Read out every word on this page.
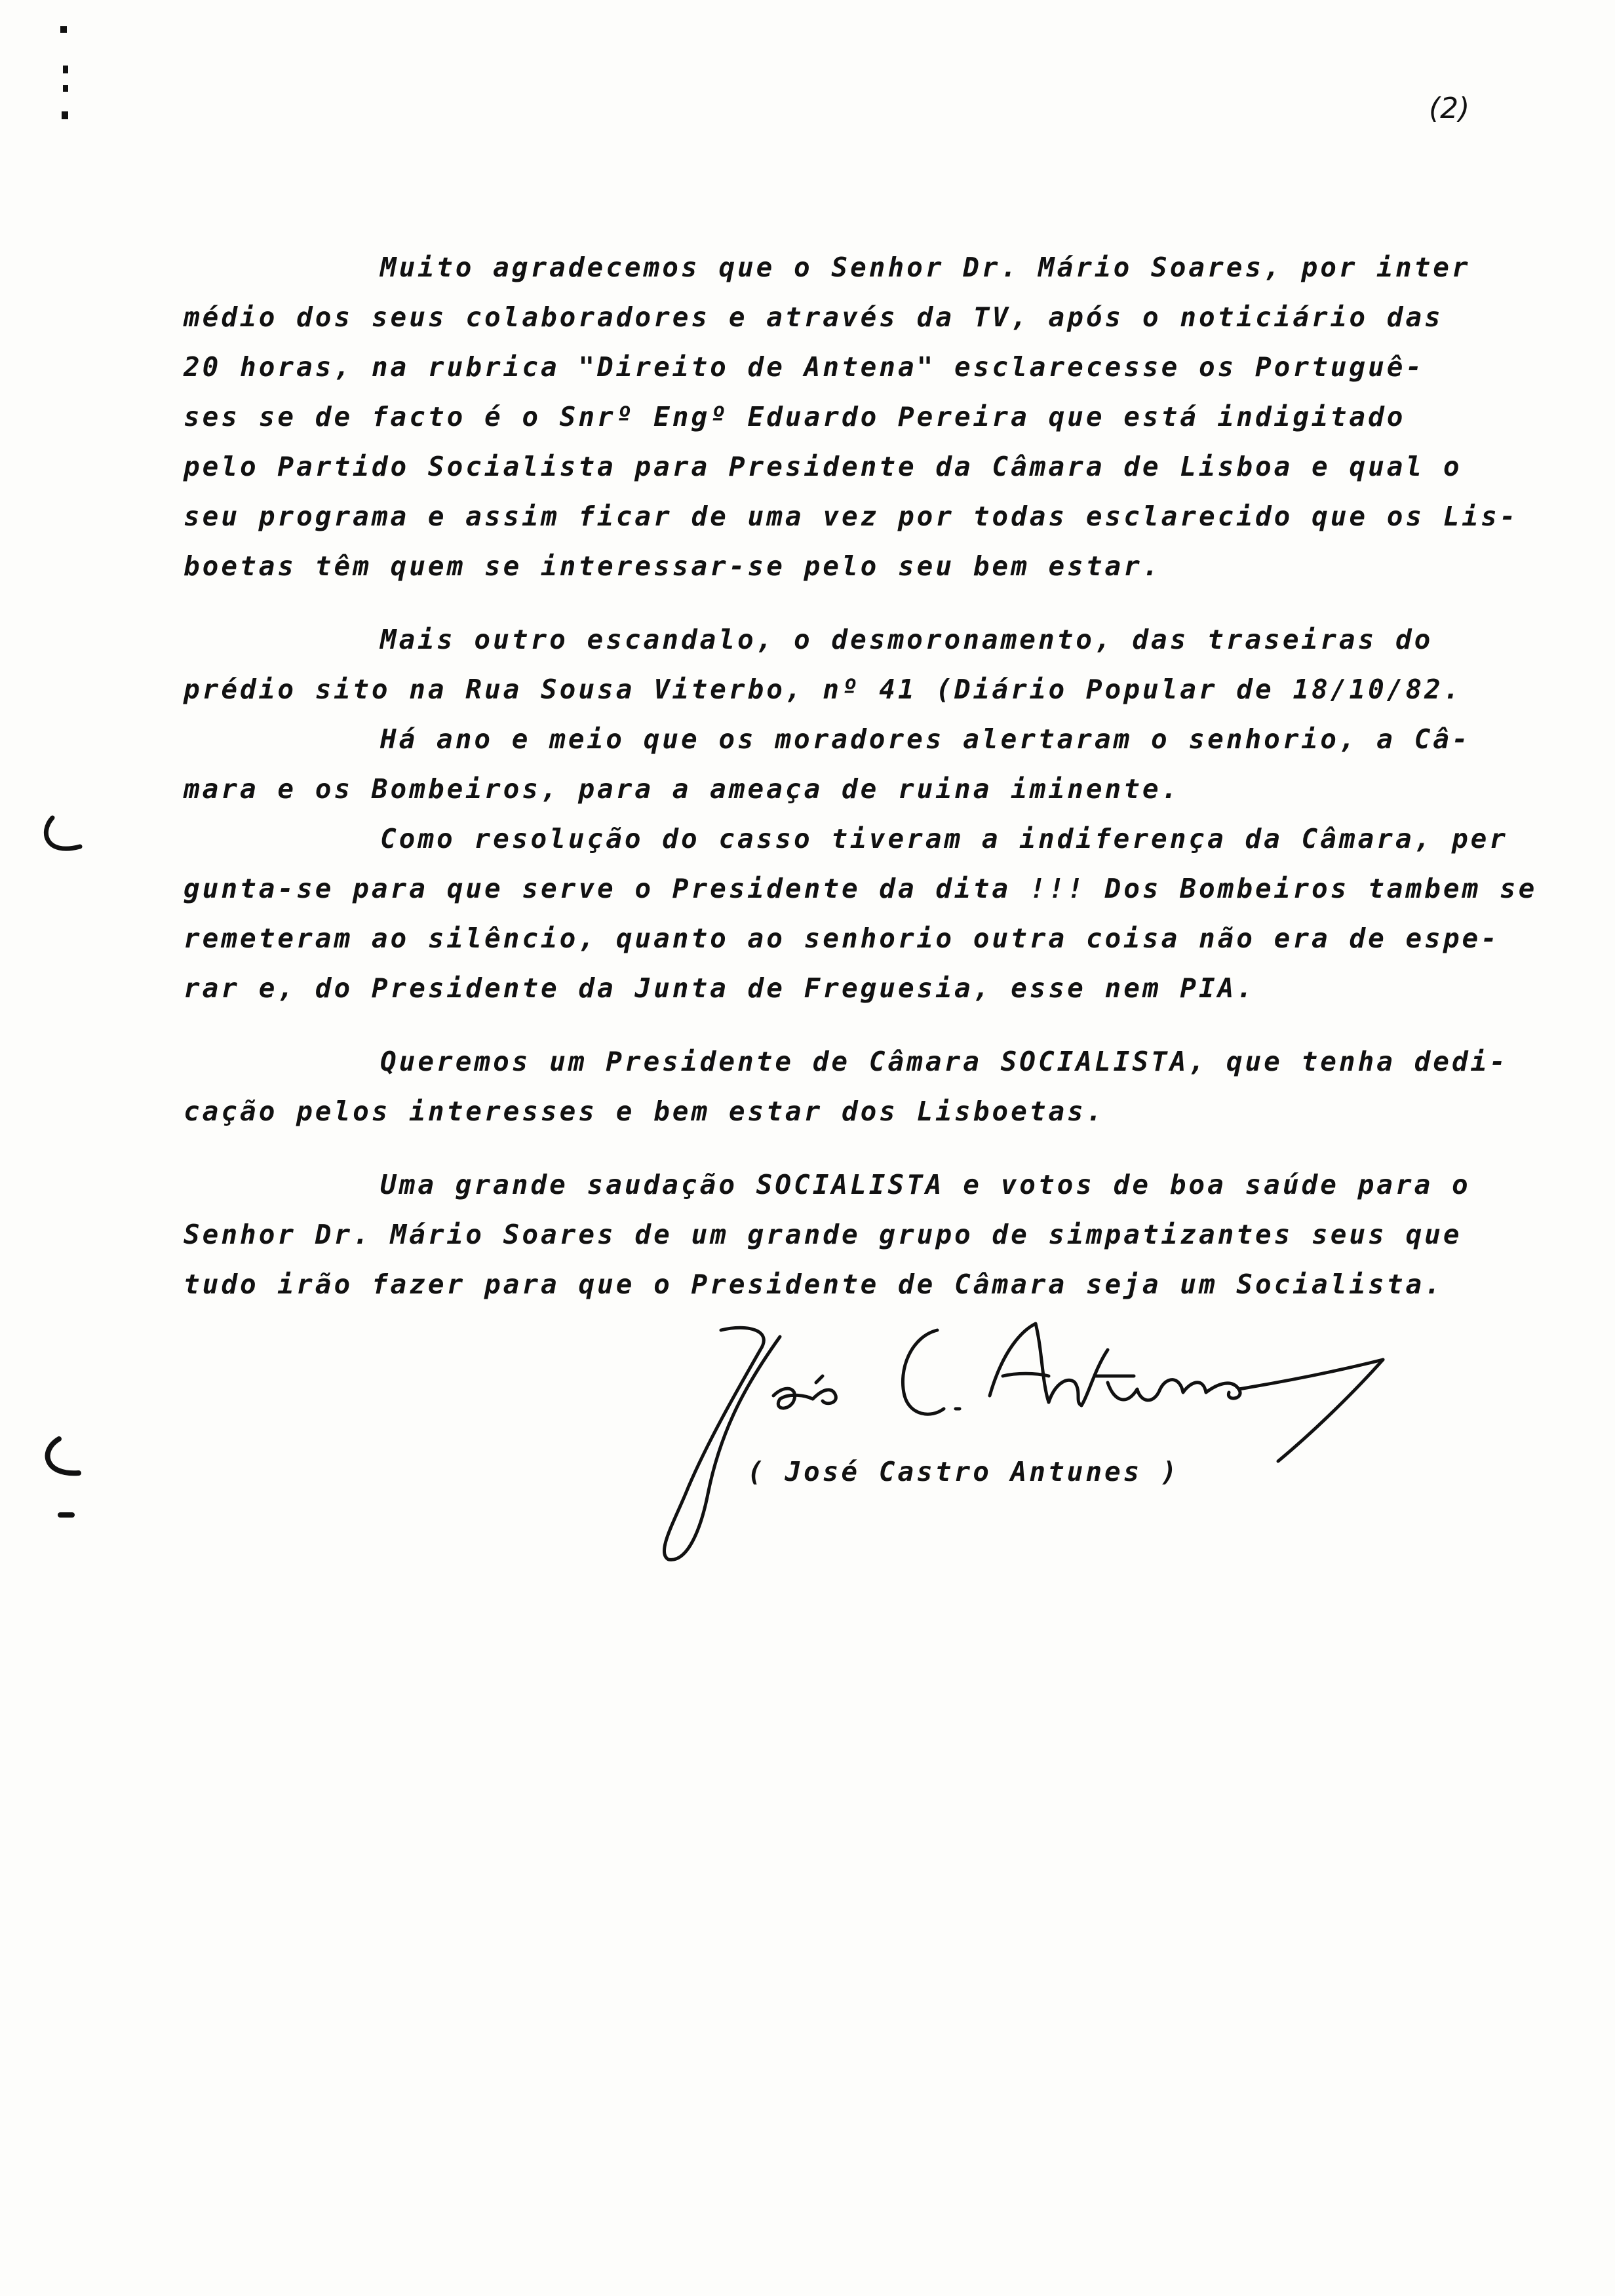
(2)
Muito agradecemos que o Senhor Dr. Mário Soares, por inter
médio dos seus colaboradores e através da TV, após o noticiário das
20 horas, na rubrica "Direito de Antena" esclarecesse os Portuguê-
ses se de facto é o Snrº Engº Eduardo Pereira que está indigitado
pelo Partido Socialista para Presidente da Câmara de Lisboa e qual o
seu programa e assim ficar de uma vez por todas esclarecido que os Lis-
boetas têm quem se interessar-se pelo seu bem estar.
Mais outro escandalo, o desmoronamento, das traseiras do
prédio sito na Rua Sousa Viterbo, nº 41 (Diário Popular de 18/10/82.
Há ano e meio que os moradores alertaram o senhorio, a Câ-
mara e os Bombeiros, para a ameaça de ruina iminente.
Como resolução do casso tiveram a indiferença da Câmara, per
gunta-se para que serve o Presidente da dita !!! Dos Bombeiros tambem se
remeteram ao silêncio, quanto ao senhorio outra coisa não era de espe-
rar e, do Presidente da Junta de Freguesia, esse nem PIA.
Queremos um Presidente de Câmara SOCIALISTA, que tenha dedi-
cação pelos interesses e bem estar dos Lisboetas.
Uma grande saudação SOCIALISTA e votos de boa saúde para o
Senhor Dr. Mário Soares de um grande grupo de simpatizantes seus que
tudo irão fazer para que o Presidente de Câmara seja um Socialista.
( José Castro Antunes )
